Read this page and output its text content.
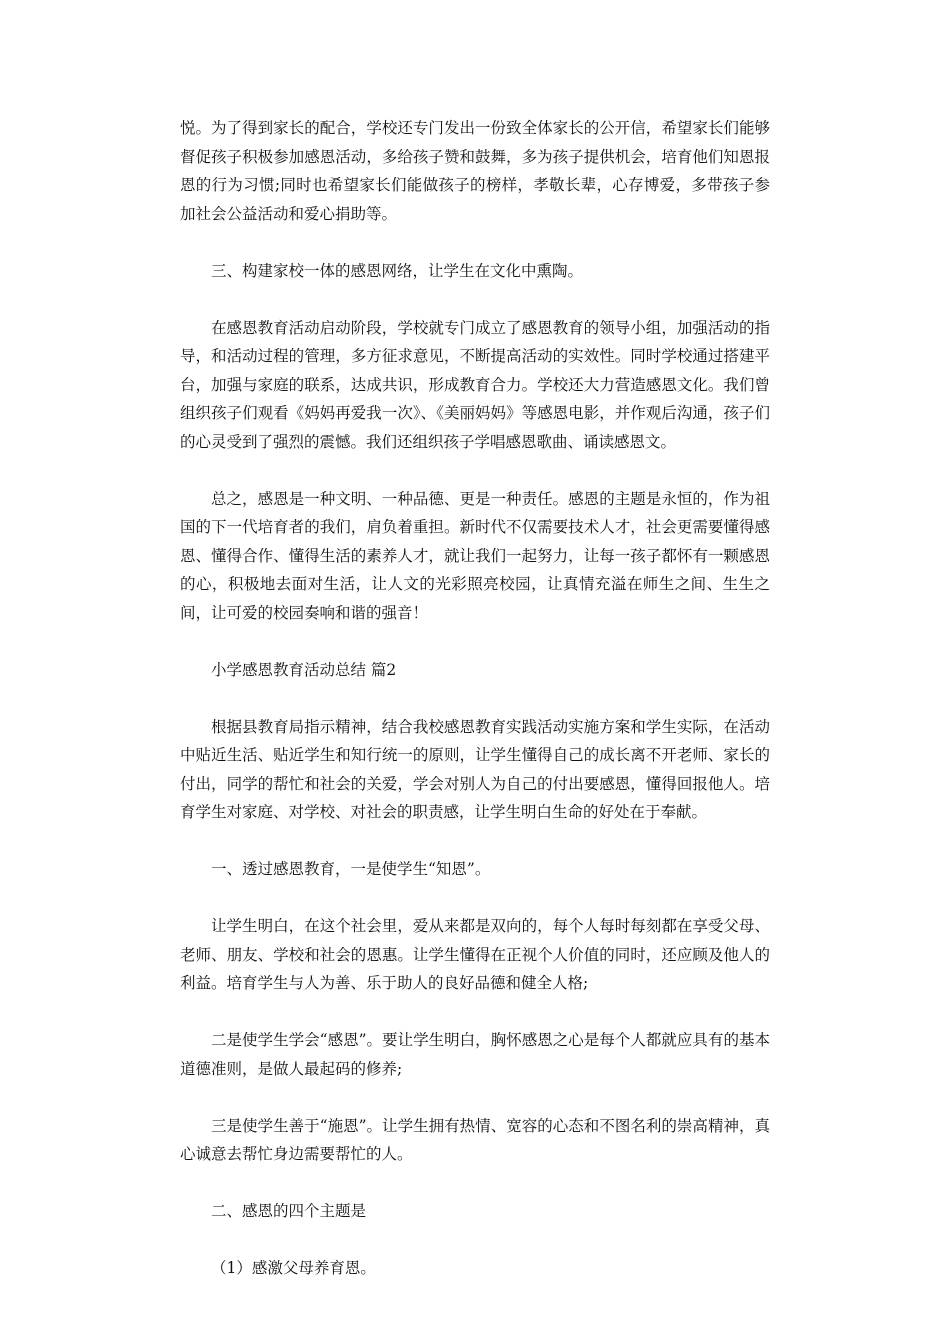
悦。为了得到家长的配合，学校还专门发出一份致全体家长的公开信，希望家长们能够督促孩子积极参加感恩活动，多给孩子赞和鼓舞，多为孩子提供机会，培育他们知恩报恩的行为习惯;同时也希望家长们能做孩子的榜样，孝敬长辈，心存博爱，多带孩子参加社会公益活动和爱心捐助等。

三、构建家校一体的感恩网络，让学生在文化中熏陶。

在感恩教育活动启动阶段，学校就专门成立了感恩教育的领导小组，加强活动的指导，和活动过程的管理，多方征求意见，不断提高活动的实效性。同时学校通过搭建平台，加强与家庭的联系，达成共识，形成教育合力。学校还大力营造感恩文化。我们曾组织孩子们观看《妈妈再爱我一次》、《美丽妈妈》等感恩电影，并作观后沟通，孩子们的心灵受到了强烈的震憾。我们还组织孩子学唱感恩歌曲、诵读感恩文。

总之，感恩是一种文明、一种品德、更是一种责任。感恩的主题是永恒的，作为祖国的下一代培育者的我们，肩负着重担。新时代不仅需要技术人才，社会更需要懂得感恩、懂得合作、懂得生活的素养人才，就让我们一起努力，让每一孩子都怀有一颗感恩的心，积极地去面对生活，让人文的光彩照亮校园，让真情充溢在师生之间、生生之间，让可爱的校园奏响和谐的强音！

小学感恩教育活动总结 篇2

根据县教育局指示精神，结合我校感恩教育实践活动实施方案和学生实际，在活动中贴近生活、贴近学生和知行统一的原则，让学生懂得自己的成长离不开老师、家长的付出，同学的帮忙和社会的关爱，学会对别人为自己的付出要感恩，懂得回报他人。培育学生对家庭、对学校、对社会的职责感，让学生明白生命的好处在于奉献。

一、透过感恩教育，一是使学生“知恩”。

让学生明白，在这个社会里，爱从来都是双向的，每个人每时每刻都在享受父母、老师、朋友、学校和社会的恩惠。让学生懂得在正视个人价值的同时，还应顾及他人的利益。培育学生与人为善、乐于助人的良好品德和健全人格;

二是使学生学会“感恩”。要让学生明白，胸怀感恩之心是每个人都就应具有的基本道德准则，是做人最起码的修养;

三是使学生善于“施恩”。让学生拥有热情、宽容的心态和不图名利的崇高精神，真心诚意去帮忙身边需要帮忙的人。

二、感恩的四个主题是

（1）感激父母养育恩。
